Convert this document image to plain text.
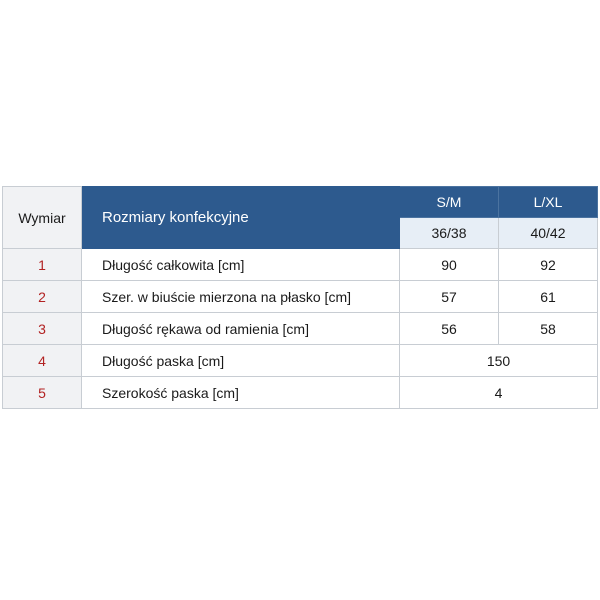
Wymiar	Rozmiary konfekcyjne	S/M	L/XL
		36/38	40/42
1	Długość całkowita [cm]	90	92
2	Szer. w biuście mierzona na płasko [cm]	57	61
3	Długość rękawa od ramienia [cm]	56	58
4	Długość paska [cm]	150	
5	Szerokość paska [cm]	4	
